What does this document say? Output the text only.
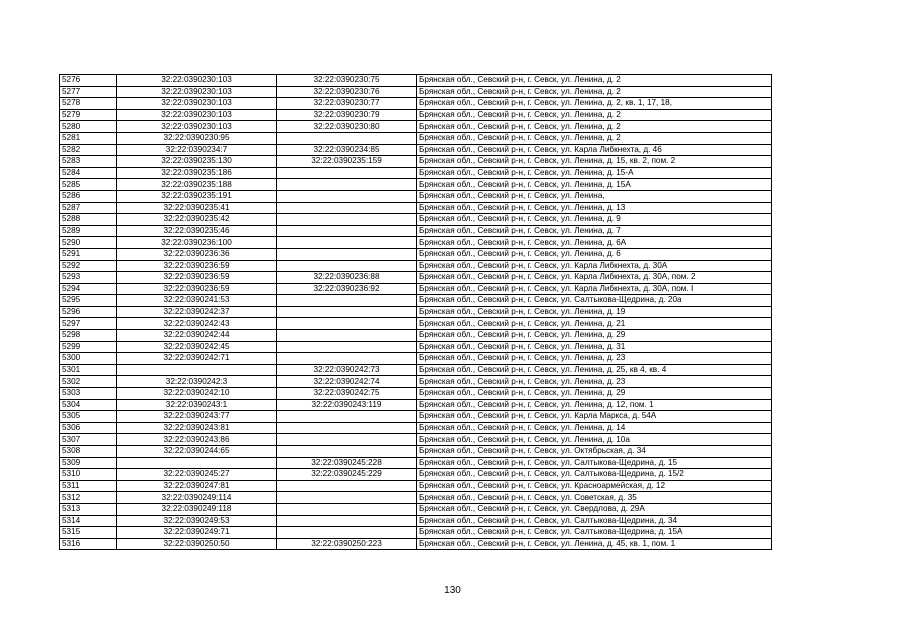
5276	32:22:0390230:103	32:22:0390230:75	Брянская обл., Севский р-н, г. Севск, ул. Ленина, д. 2
5277	32:22:0390230:103	32:22:0390230:76	Брянская обл., Севский р-н, г. Севск, ул. Ленина, д. 2
5278	32:22:0390230:103	32:22:0390230:77	Брянская обл., Севский р-н, г. Севск, ул. Ленина, д. 2, кв. 1, 17, 18,
5279	32:22:0390230:103	32:22:0390230:79	Брянская обл., Севский р-н, г. Севск, ул. Ленина, д. 2
5280	32:22:0390230:103	32:22:0390230:80	Брянская обл., Севский р-н, г. Севск, ул. Ленина, д. 2
5281	32:22:0390230:95		Брянская обл., Севский р-н, г. Севск, ул. Ленина, д. 2
5282	32:22:0390234:7	32:22:0390234:85	Брянская обл., Севский р-н, г. Севск, ул. Карла Либкнехта, д. 46
5283	32:22:0390235:130	32:22:0390235:159	Брянская обл., Севский р-н, г. Севск, ул. Ленина, д. 15, кв. 2, пом. 2
5284	32:22:0390235:186		Брянская обл., Севский р-н, г. Севск, ул. Ленина, д. 15-А
5285	32:22:0390235:188		Брянская обл., Севский р-н, г. Севск, ул. Ленина, д. 15А
5286	32:22:0390235:191		Брянская обл., Севский р-н, г. Севск, ул. Ленина,
5287	32:22:0390235:41		Брянская обл., Севский р-н, г. Севск, ул. Ленина, д. 13
5288	32:22:0390235:42		Брянская обл., Севский р-н, г. Севск, ул. Ленина, д. 9
5289	32:22:0390235:46		Брянская обл., Севский р-н, г. Севск, ул. Ленина, д. 7
5290	32:22:0390236:100		Брянская обл., Севский р-н, г. Севск, ул. Ленина, д. 6А
5291	32:22:0390236:36		Брянская обл., Севский р-н, г. Севск, ул. Ленина, д. 6
5292	32:22:0390236:59		Брянская обл., Севский р-н, г. Севск, ул. Карла Либкнехта, д. 30А
5293	32:22:0390236:59	32:22:0390236:88	Брянская обл., Севский р-н, г. Севск, ул. Карла Либкнехта, д. 30А, пом. 2
5294	32:22:0390236:59	32:22:0390236:92	Брянская обл., Севский р-н, г. Севск, ул. Карла Либкнехта, д. 30А, пом. I
5295	32:22:0390241:53		Брянская обл., Севский р-н, г. Севск, ул. Салтыкова-Щедрина, д. 20а
5296	32:22:0390242:37		Брянская обл., Севский р-н, г. Севск, ул. Ленина, д. 19
5297	32:22:0390242:43		Брянская обл., Севский р-н, г. Севск, ул. Ленина, д. 21
5298	32:22:0390242:44		Брянская обл., Севский р-н, г. Севск, ул. Ленина, д. 29
5299	32:22:0390242:45		Брянская обл., Севский р-н, г. Севск, ул. Ленина, д. 31
5300	32:22:0390242:71		Брянская обл., Севский р-н, г. Севск, ул. Ленина, д. 23
5301		32:22:0390242:73	Брянская обл., Севский р-н, г. Севск, ул. Ленина, д. 25, кв 4, кв. 4
5302	32:22:0390242:3	32:22:0390242:74	Брянская обл., Севский р-н, г. Севск, ул. Ленина, д. 23
5303	32:22:0390242:10	32:22:0390242:75	Брянская обл., Севский р-н, г. Севск, ул. Ленина, д. 29
5304	32:22:0390243:1	32:22:0390243:119	Брянская обл., Севский р-н, г. Севск, ул. Ленина, д. 12, пом. 1
5305	32:22:0390243:77		Брянская обл., Севский р-н, г. Севск, ул. Карла Маркса, д. 54А
5306	32:22:0390243:81		Брянская обл., Севский р-н, г. Севск, ул. Ленина, д. 14
5307	32:22:0390243:86		Брянская обл., Севский р-н, г. Севск, ул. Ленина, д. 10а
5308	32:22:0390244:65		Брянская обл., Севский р-н, г. Севск, ул. Октябрьская, д. 34
5309		32:22:0390245:228	Брянская обл., Севский р-н, г. Севск, ул. Салтыкова-Щедрина, д. 15
5310	32:22:0390245:27	32:22:0390245:229	Брянская обл., Севский р-н, г. Севск, ул. Салтыкова-Щедрина, д. 15/2
5311	32:22:0390247:81		Брянская обл., Севский р-н, г. Севск, ул. Красноармейская, д. 12
5312	32:22:0390249:114		Брянская обл., Севский р-н, г. Севск, ул. Советская, д. 35
5313	32:22:0390249:118		Брянская обл., Севский р-н, г. Севск, ул. Свердлова, д. 29А
5314	32:22:0390249:53		Брянская обл., Севский р-н, г. Севск, ул. Салтыкова-Щедрина, д. 34
5315	32:22:0390249:71		Брянская обл., Севский р-н, г. Севск, ул. Салтыкова-Щедрина, д. 15А
5316	32:22:0390250:50	32:22:0390250:223	Брянская обл., Севский р-н, г. Севск, ул. Ленина, д. 45, кв. 1, пом. 1
130
